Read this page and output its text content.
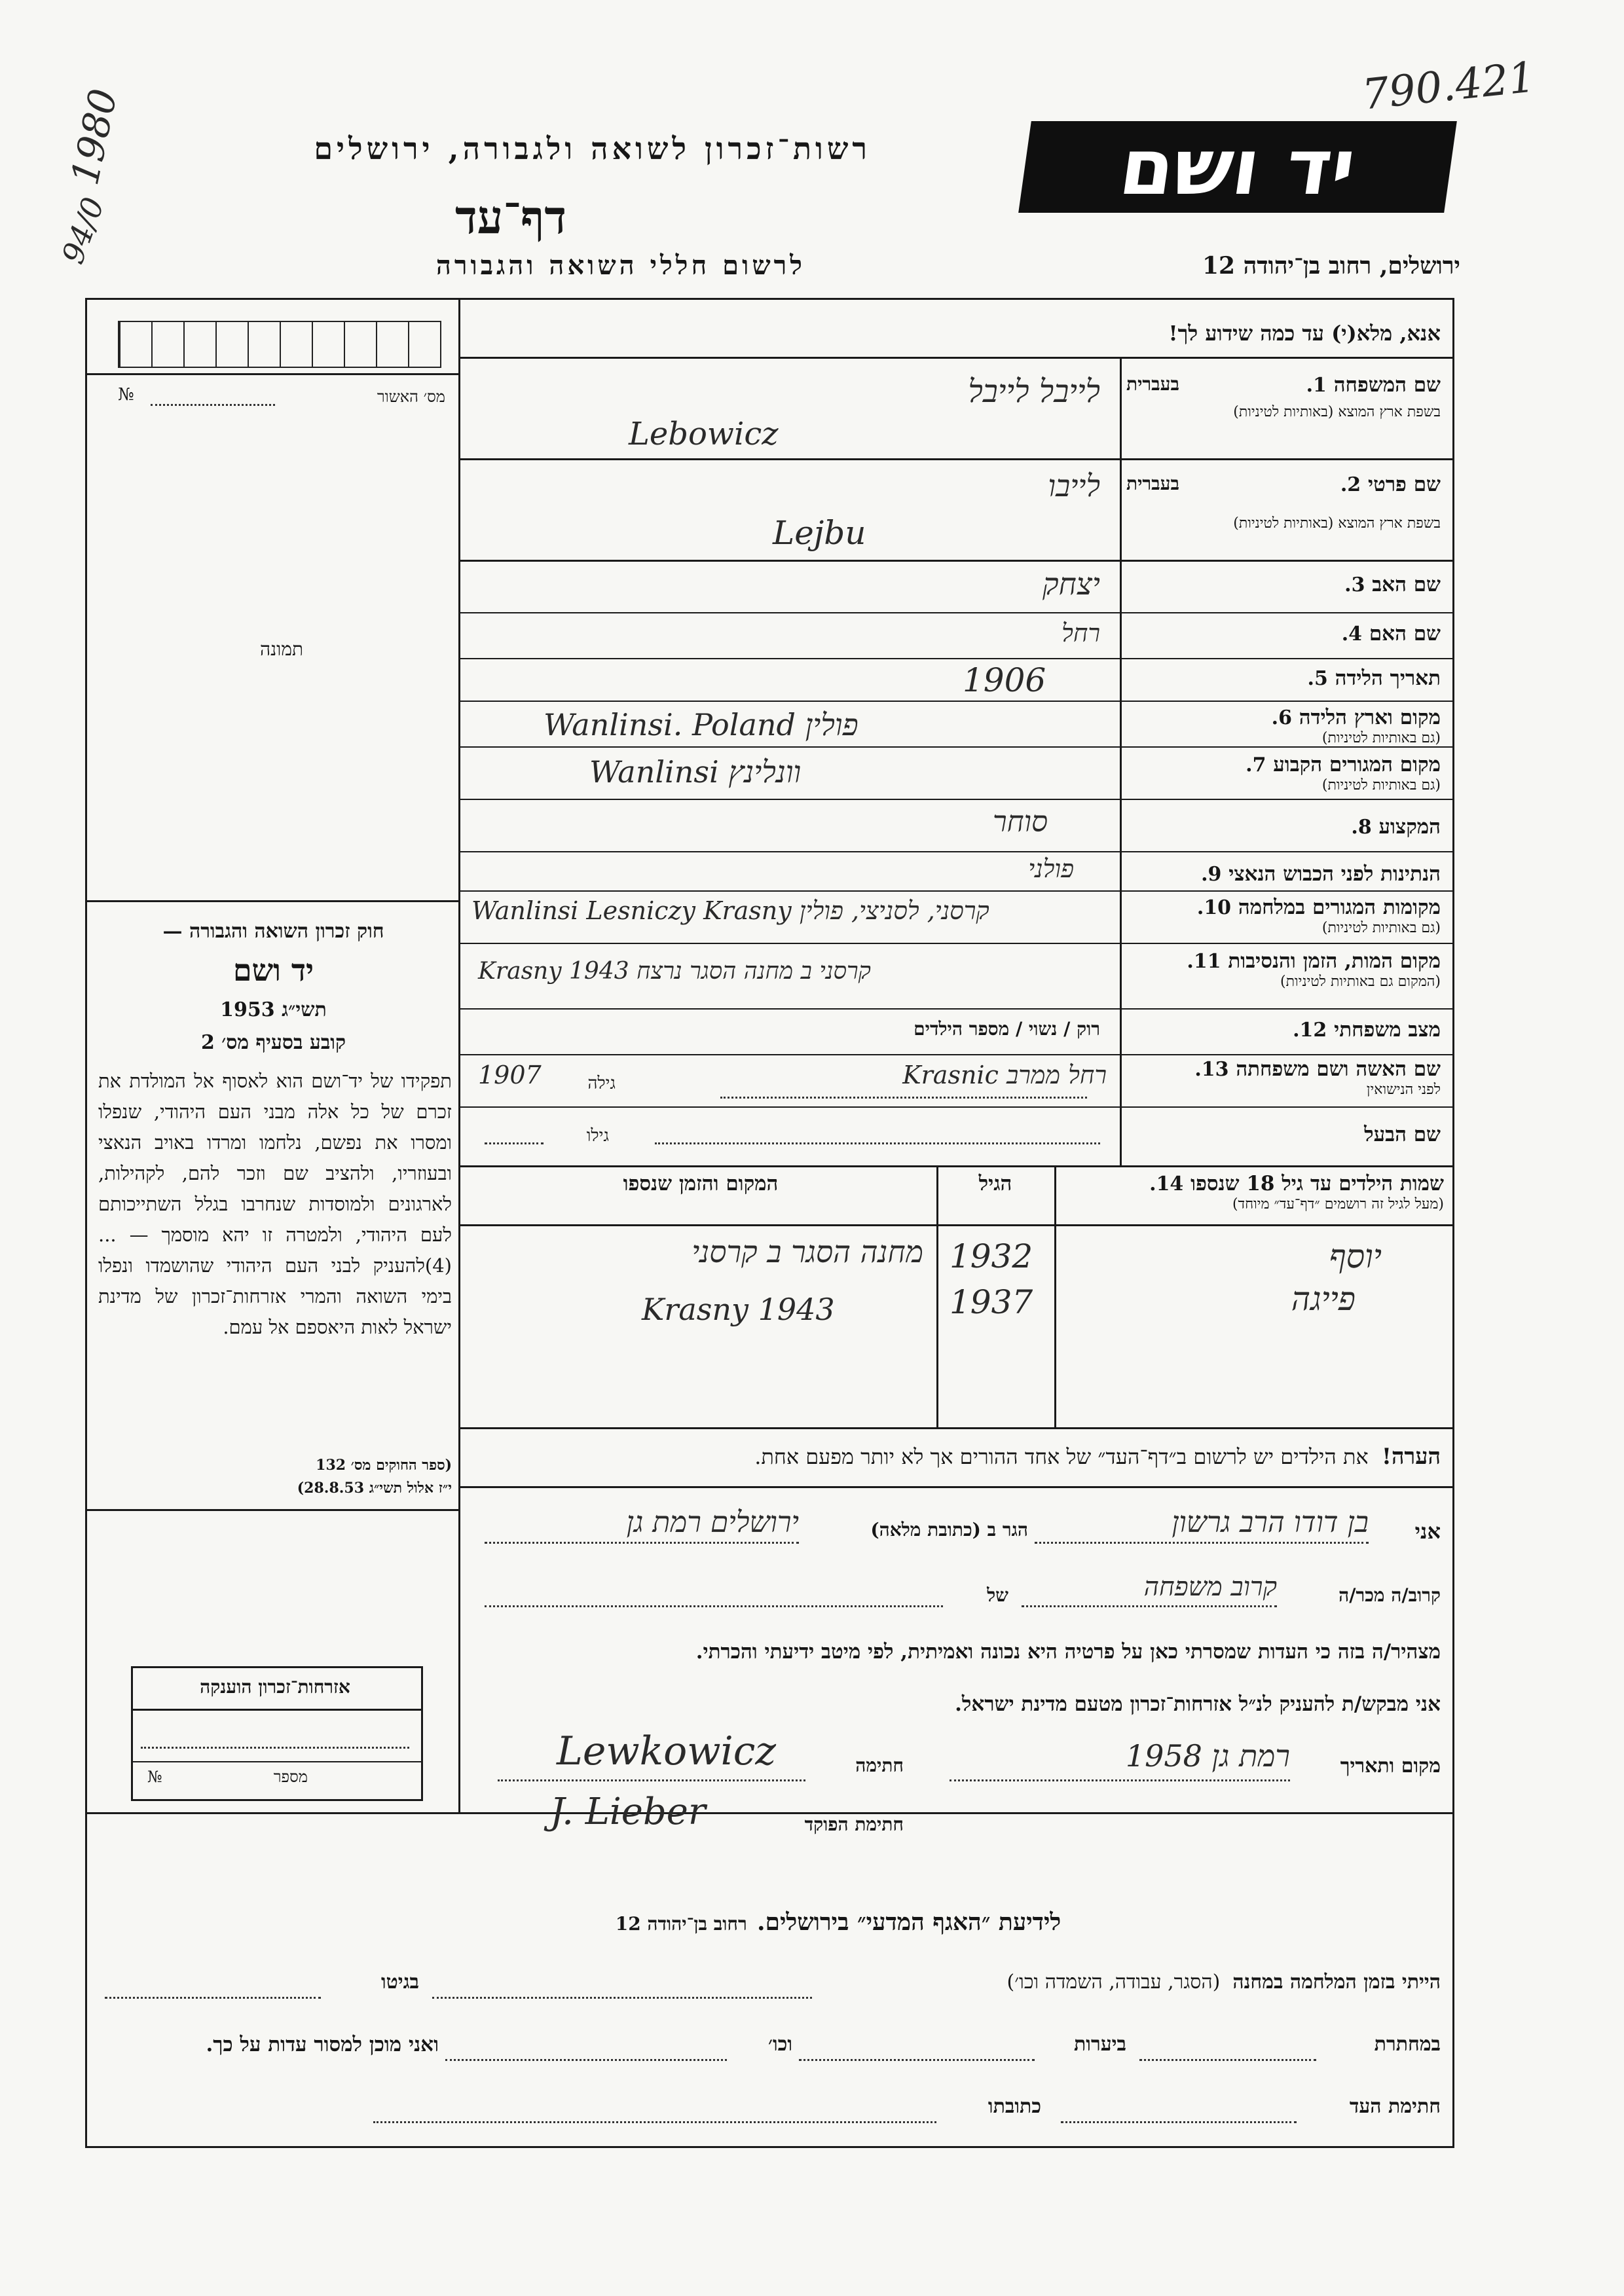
790.421
1980
94/0
רשות־זכרון לשואה ולגבורה, ירושלים
דף־עד
לרשום חללי השואה והגבורה
יד ושם
ירושלים, רחוב בן־יהודה 12
מס׳ האשור
№
תמונה
חוק זכרון השואה והגבורה —
יד ושם
תשי״ג 1953
קובע בסעיף מס׳ 2
תפקידו של יד־ושם הוא לאסוף אל המולדת את זכרם של כל אלה מבני העם היהודי, שנפלו ומסרו את נפשם, נלחמו ומרדו באויב הנאצי ובעוזריו, ולהציב שם וזכר להם, לקהילות, לארגונים ולמוסדות שנחרבו בגלל השתייכותם לעם היהודי, ולמטרה זו יהא מוסמך — ...(4)להעניק לבני העם היהודי שהושמדו ונפלו בימי השואה והמרי אזרחות־זכרון של מדינת ישראל לאות היאספם אל עמם.
(ספר החוקים מס׳ 132
י״ז אלול תשי״ג 28.8.53)
אזרחות־זכרון הוענקה
מספר
№
אנא, מלא(י) עד כמה שידוע לך!
שם המשפחה 1.
בעברית
בשפת ארץ המוצא (באותיות לטיניות)
לייבל לייבל
Lebowicz
שם פרטי 2.
בעברית
בשפת ארץ המוצא (באותיות לטיניות)
לייבו
Lejbu
שם האב 3.
יצחק
שם האם 4.
רחל
תאריך הלידה 5.
1906
מקום וארץ הלידה 6.
(גם באותיות לטיניות)
Wanlinsi. Poland פולין
מקום המגורים הקבוע 7.
(גם באותיות לטיניות)
Wanlinsi וונלינץ
המקצוע 8.
סוחר
הנתינות לפני הכבוש הנאצי 9.
פולני
מקומות המגורים במלחמה 10.
(גם באותיות לטיניות)
Wanlinsi Lesniczy Krasny קרסני, לסניצי, פולין
מקום המות, הזמן והנסיבות 11.
(המקום גם באותיות לטיניות)
Krasny 1943 קרסני ב מחנה הסגר נרצח
מצב משפחתי 12.
רוק / נשוי / מספר הילדים
שם האשה ושם משפחתה 13.
לפני הנישואין
רחל ממרב Krasnic
גילה
1907
שם הבעל
גילו
שמות הילדים עד גיל 18 שנספו 14.
(מעל לגיל זה רושמים ״דף־עד״ מיוחד)
הגיל
המקום והזמן שנספו
יוסף
1932
מחנה הסגר ב קרסני
פייגה
1937
Krasny 1943
הערה!  את הילדים יש לרשום ב״דף־העד״ של אחד ההורים אך לא יותר מפעם אחת.
אני
בן דודו הרב גרשון
הגר ב (כתובת מלאה)
ירושלים רמת גן
קרוב/ה מכר/ה
קרוב משפחה
של
מצהיר/ה בזה כי העדות שמסרתי כאן על פרטיה היא נכונה ואמיתית, לפי מיטב ידיעתי והכרתי.
אני מבקש/ת להעניק לנ״ל אזרחות־זכרון מטעם מדינת ישראל.
מקום ותאריך
רמת גן 1958
חתימה
Lewkowicz
חתימת הפוקד
J. Lieber
לידיעת ״האגף המדעי״ בירושלים.   רחוב בן־יהודה 12
הייתי בזמן המלחמה במחנה  (הסגר, עבודה, השמדה וכו׳)
בגיטו
במחתרת
ביערות
וכו׳
ואני מוכן למסור עדות על כך.
חתימת העד
כתובתו
